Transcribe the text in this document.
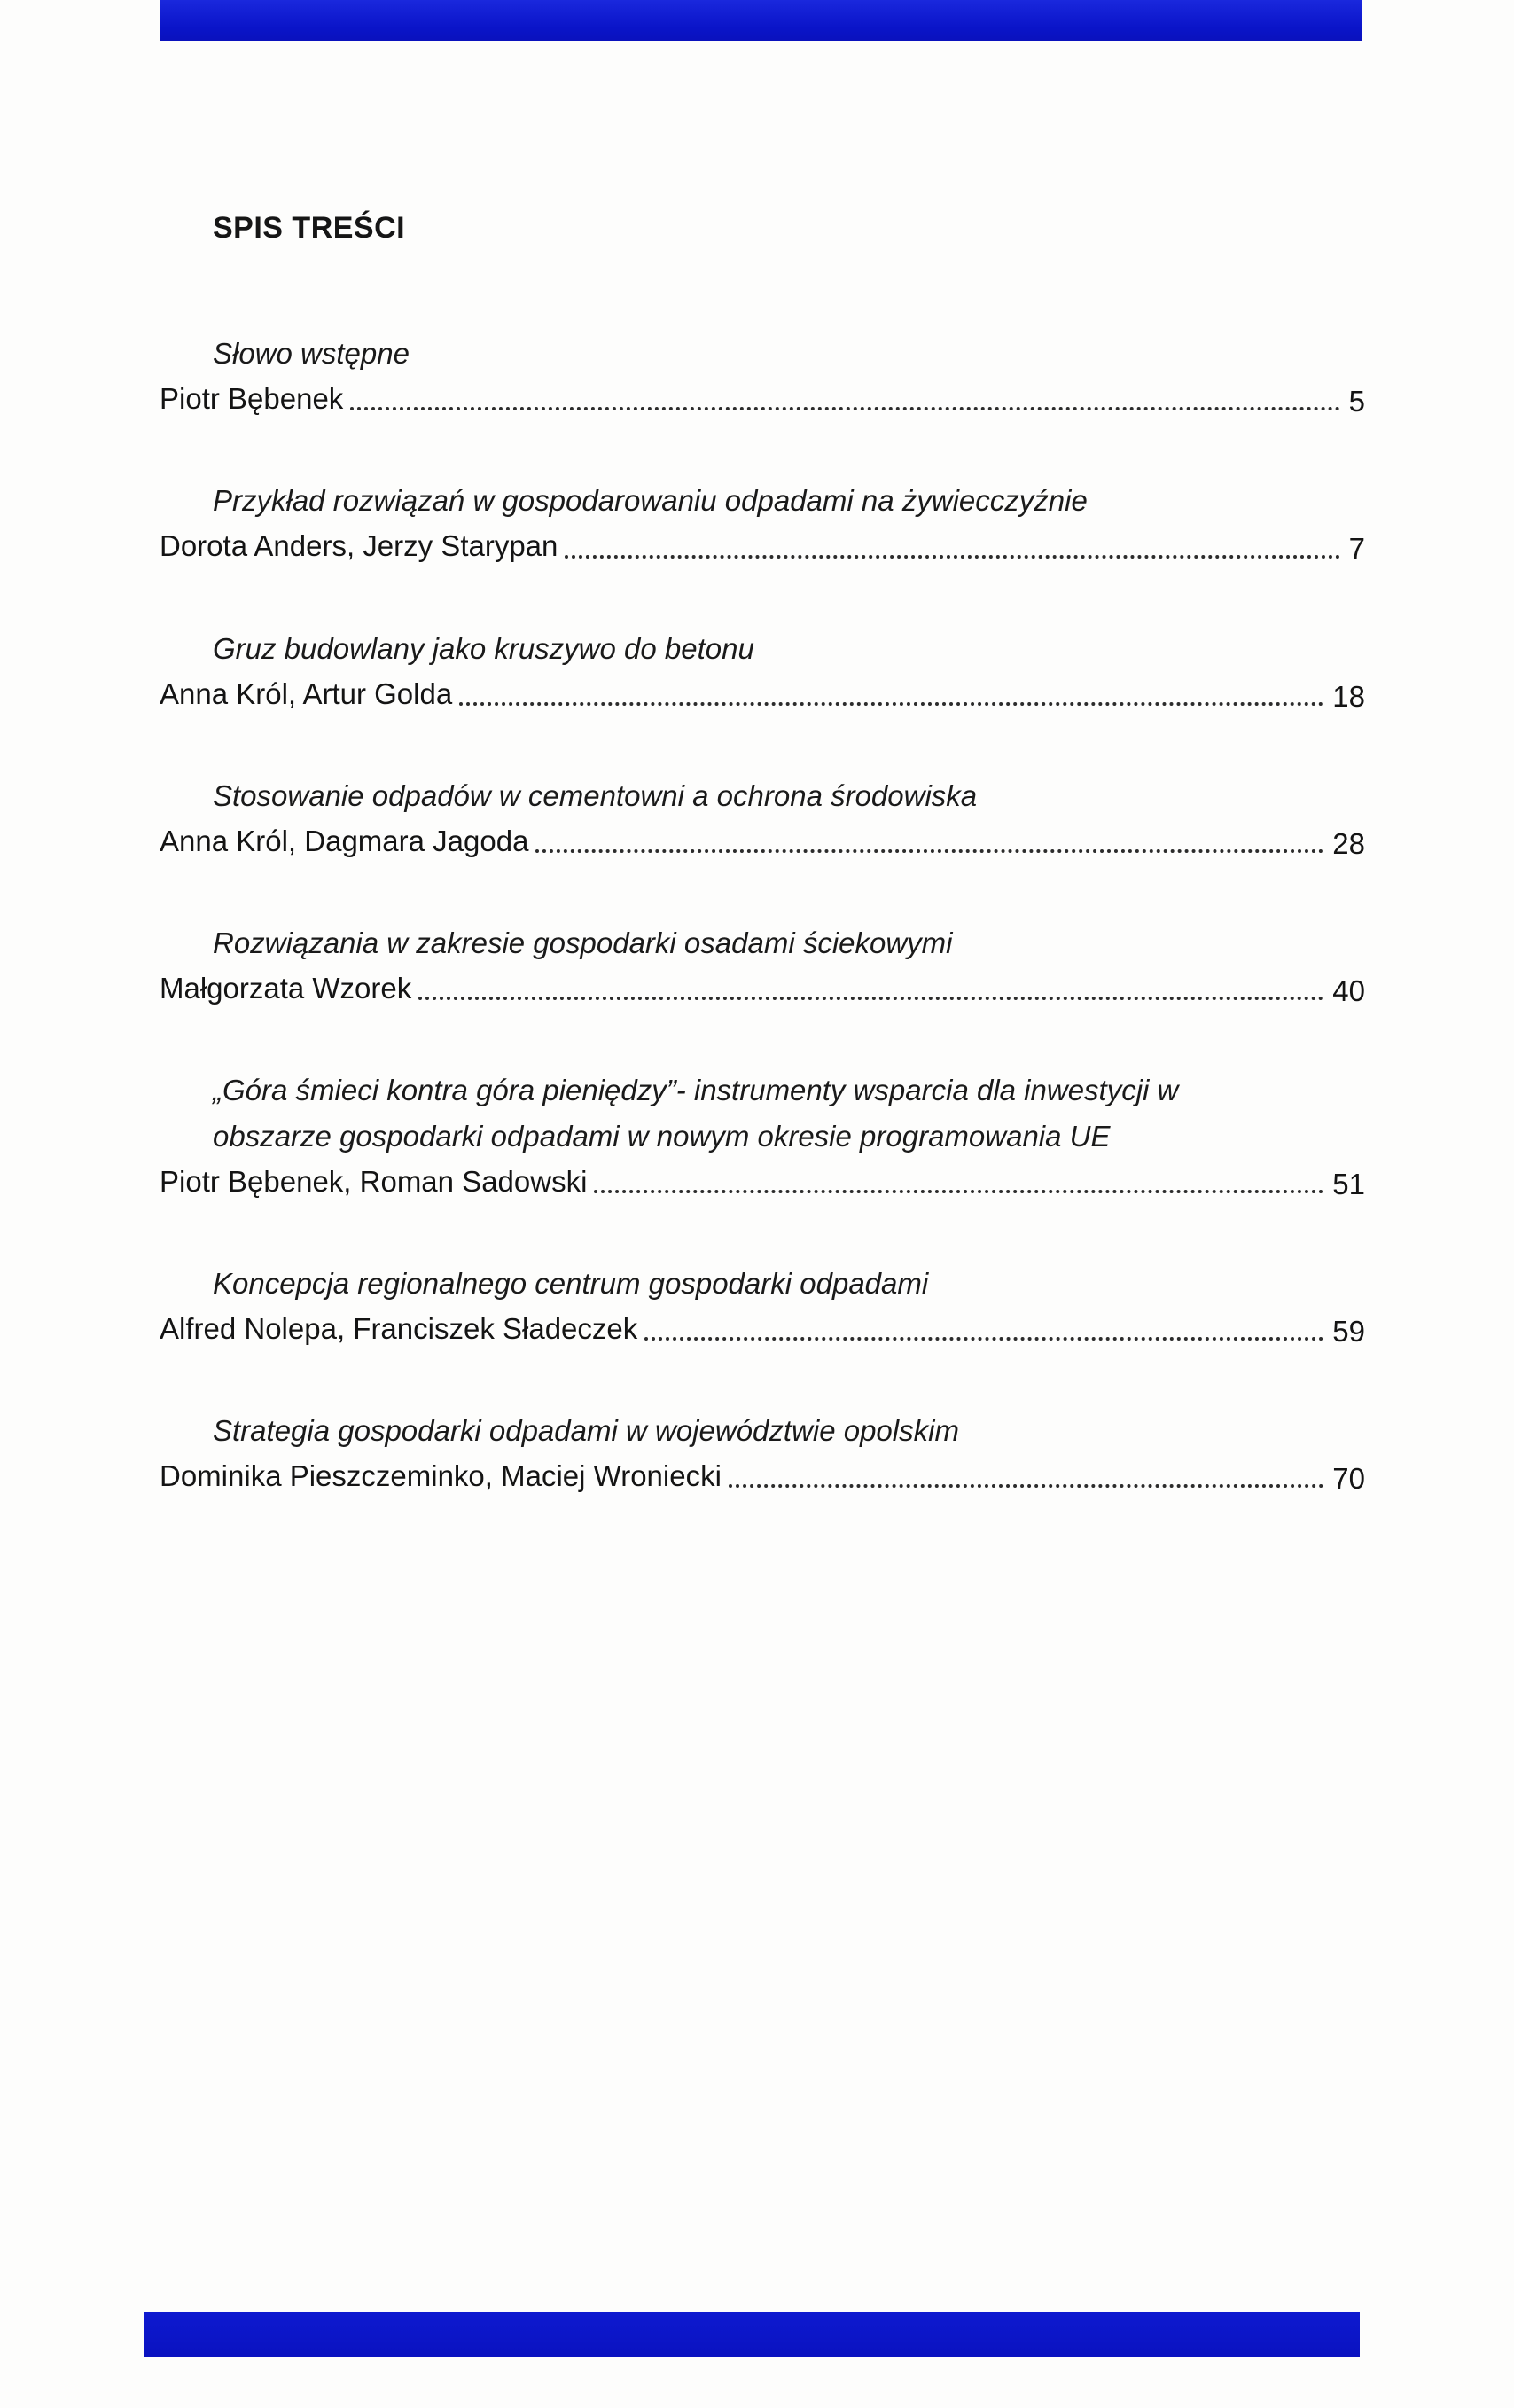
SPIS TREŚCI
Słowo wstępne
Piotr Bębenek	5
Przykład rozwiązań w gospodarowaniu odpadami na żywiecczyźnie
Dorota Anders, Jerzy Starypan	7
Gruz budowlany jako kruszywo do betonu
Anna Król, Artur Golda	18
Stosowanie odpadów w cementowni a ochrona środowiska
Anna Król, Dagmara Jagoda	28
Rozwiązania w zakresie gospodarki osadami ściekowymi
Małgorzata Wzorek	40
„Góra śmieci kontra góra pieniędzy”- instrumenty wsparcia dla inwestycji w obszarze gospodarki odpadami w nowym okresie programowania UE
Piotr Bębenek, Roman Sadowski	51
Koncepcja regionalnego centrum gospodarki odpadami
Alfred Nolepa, Franciszek Sładeczek	59
Strategia gospodarki odpadami w województwie opolskim
Dominika Pieszczeminko, Maciej Wroniecki	70
